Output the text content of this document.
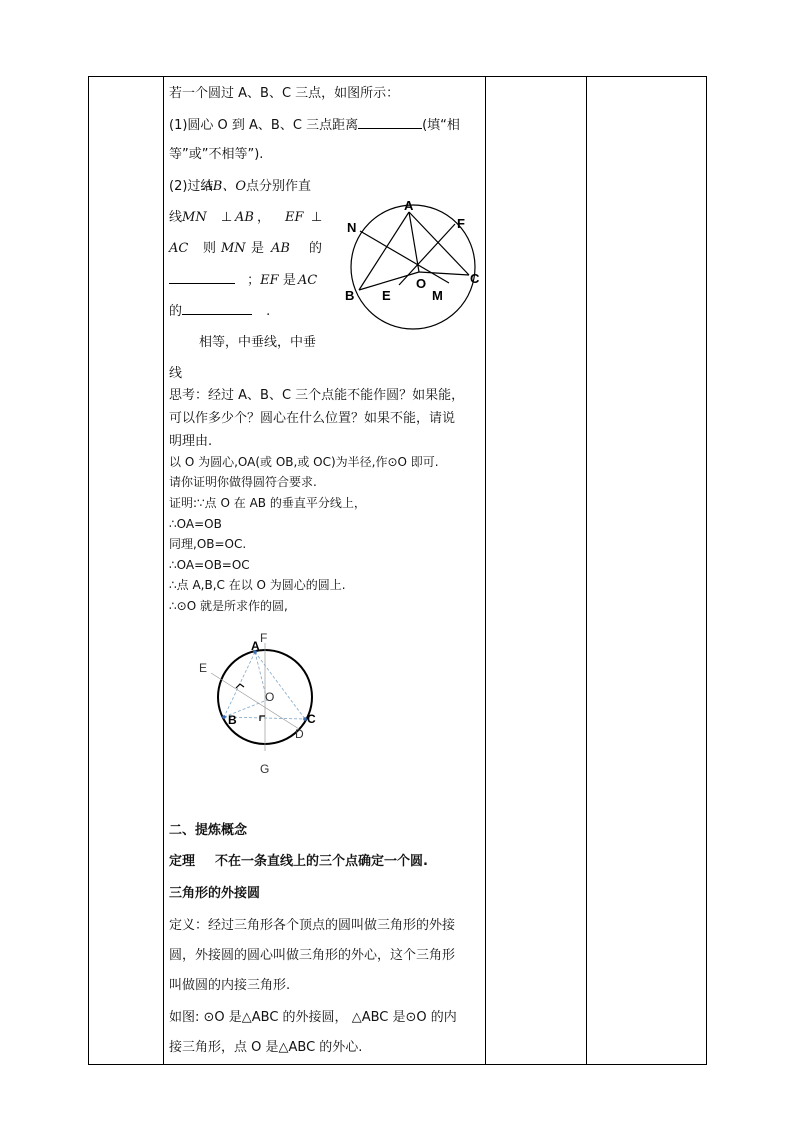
若一个圆过 A、B、C 三点，如图所示：
(1)圆心 O 到 A、B、C 三点距离	(填“相
等”或”不相等”).
(2)过结AB、O点分别作直
线MN ⊥ AB ， EF ⊥
AC 则 MN 是 AB 的
；EF 是 AC
的	.
相等，中垂线，中垂
线
A
N	F
B E
O
M
C
思考：经过 A、B、C 三个点能不能作圆？如果能，
可以作多少个？圆心在什么位置？如果不能，请说
明理由.
以 O 为圆心,OA(或 OB,或 OC)为半径,作⊙O 即可.
请你证明你做得圆符合要求.
证明:∵点 O 在 AB 的垂直平分线上，
∴OA=OB
同理,OB=OC.
∴OA=OB=OC
∴点 A,B,C 在以 O 为圆心的圆上.
∴⊙O 就是所求作的圆,
F
A
E
O
B	C
D
G
二、提炼概念
定理 不在一条直线上的三个点确定一个圆.
三角形的外接圆
定义：经过三角形各个顶点的圆叫做三角形的外接
圆，外接圆的圆心叫做三角形的外心，这个三角形
叫做圆的内接三角形.
如图: ⊙O 是△ABC 的外接圆， △ABC 是⊙O 的内
接三角形，点 O 是△ABC 的外心.
